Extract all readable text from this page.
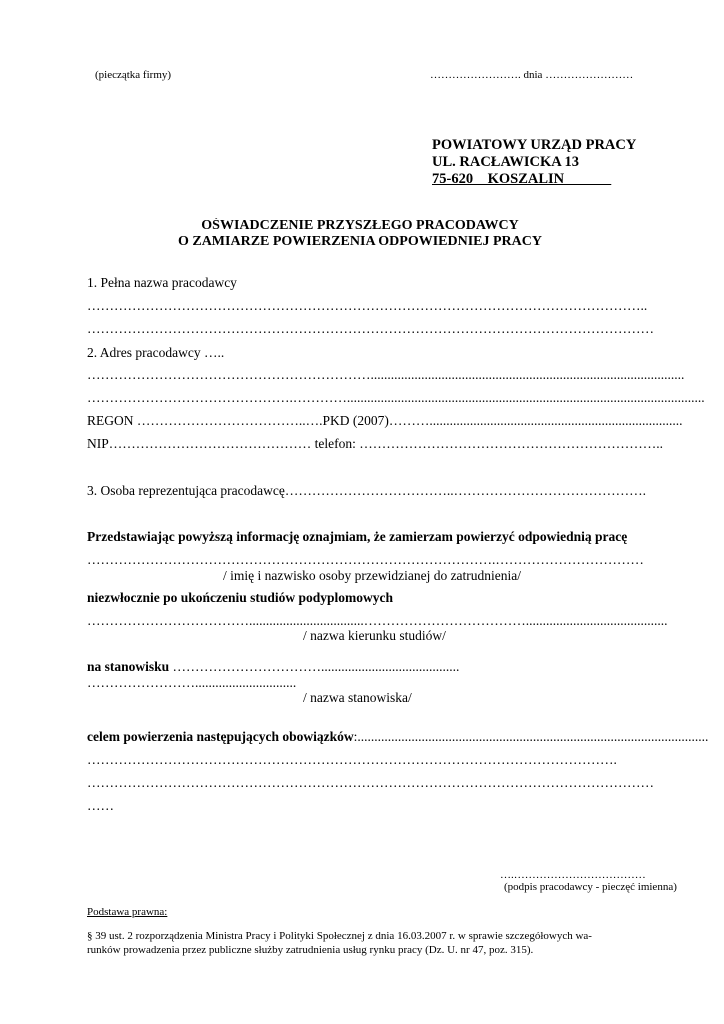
(pieczątka firmy)	……………………. dnia ……………………
POWIATOWY URZĄD PRACY
UL. RACŁAWICKA 13
75-620    KOSZALIN
OŚWIADCZENIE PRZYSZŁEGO PRACODAWCY
O ZAMIARZE POWIERZENIA ODPOWIEDNIEJ PRACY
1. Pełna nazwa pracodawcy
……………………………………………………………………………………………………………..
………………………………………………………………………………………………………………
2. Adres pracodawcy …..
……………………………………………………….............................................................................................
……………………………………….…………..........................................................................................................
REGON ………………………………..….PKD (2007)………...........................................................................
NIP……………………………………… telefon: …………………………………………………………..
3. Osoba reprezentująca pracodawcę………………………………..…………………………………….
Przedstawiając powyższą informację oznajmiam, że zamierzam powierzyć odpowiednią pracę
……………………………………………………………………………….……………………………
/ imię i nazwisko osoby przewidzianej do zatrudnienia/
niezwłocznie po ukończeniu studiów podyplomowych
………………………………..................................………………………………..........................................
/ nazwa kierunku studiów/
na stanowisku …………………………….........................................
……………………..............................
/ nazwa stanowiska/
celem powierzenia następujących obowiązków:........................................................................................................
……………………………………………………………………………………………………….
………………………………………………………………………………………………………………
……
….………………………………
(podpis pracodawcy - pieczęć imienna)
Podstawa prawna:
§ 39 ust. 2 rozporządzenia Ministra Pracy i Polityki Społecznej z dnia 16.03.2007 r. w sprawie szczegółowych wa-
runków prowadzenia przez publiczne służby zatrudnienia usług rynku pracy (Dz. U. nr 47, poz. 315).
